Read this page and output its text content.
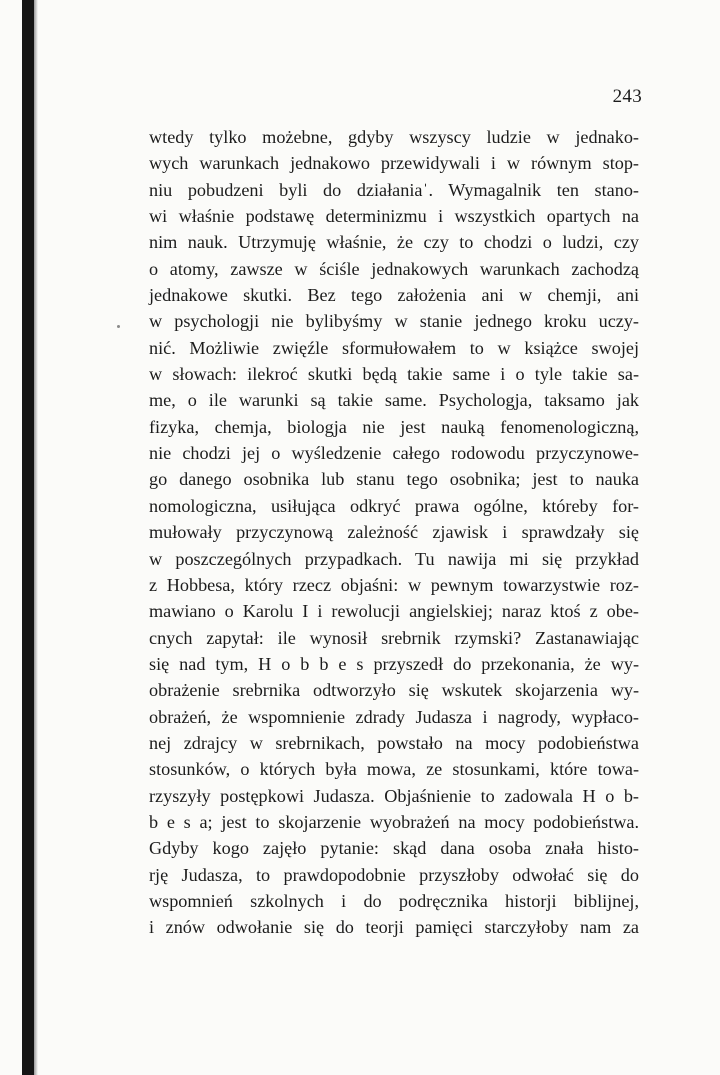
243
wtedy tylko możebne, gdyby wszyscy ludzie w jednako-
wych warunkach jednakowo przewidywali i w równym stop-
niu pobudzeni byli do działaniaˈ. Wymagalnik ten stano-
wi właśnie podstawę determinizmu i wszystkich opartych na
nim nauk. Utrzymuję właśnie, że czy to chodzi o ludzi, czy
o atomy, zawsze w ściśle jednakowych warunkach zachodzą
jednakowe skutki. Bez tego założenia ani w chemji, ani
w psychologji nie bylibyśmy w stanie jednego kroku uczy-
nić. Możliwie zwięźle sformułowałem to w książce swojej
w słowach: ilekroć skutki będą takie same i o tyle takie sa-
me, o ile warunki są takie same. Psychologja, taksamo jak
fizyka, chemja, biologja nie jest nauką fenomenologiczną,
nie chodzi jej o wyśledzenie całego rodowodu przyczynowe-
go danego osobnika lub stanu tego osobnika; jest to nauka
nomologiczna, usiłująca odkryć prawa ogólne, któreby for-
mułowały przyczynową zależność zjawisk i sprawdzały się
w poszczególnych przypadkach. Tu nawija mi się przykład
z Hobbesa, który rzecz objaśni: w pewnym towarzystwie roz-
mawiano o Karolu I i rewolucji angielskiej; naraz ktoś z obe-
cnych zapytał: ile wynosił srebrnik rzymski? Zastanawiając
się nad tym, H o b b e s przyszedł do przekonania, że wy-
obrażenie srebrnika odtworzyło się wskutek skojarzenia wy-
obrażeń, że wspomnienie zdrady Judasza i nagrody, wypłaco-
nej zdrajcy w srebrnikach, powstało na mocy podobieństwa
stosunków, o których była mowa, ze stosunkami, które towa-
rzyszyły postępkowi Judasza. Objaśnienie to zadowala H o b-
b e s a; jest to skojarzenie wyobrażeń na mocy podobieństwa.
Gdyby kogo zajęło pytanie: skąd dana osoba znała histo-
rję Judasza, to prawdopodobnie przyszłoby odwołać się do
wspomnień szkolnych i do podręcznika historji biblijnej,
i znów odwołanie się do teorji pamięci starczyłoby nam za
